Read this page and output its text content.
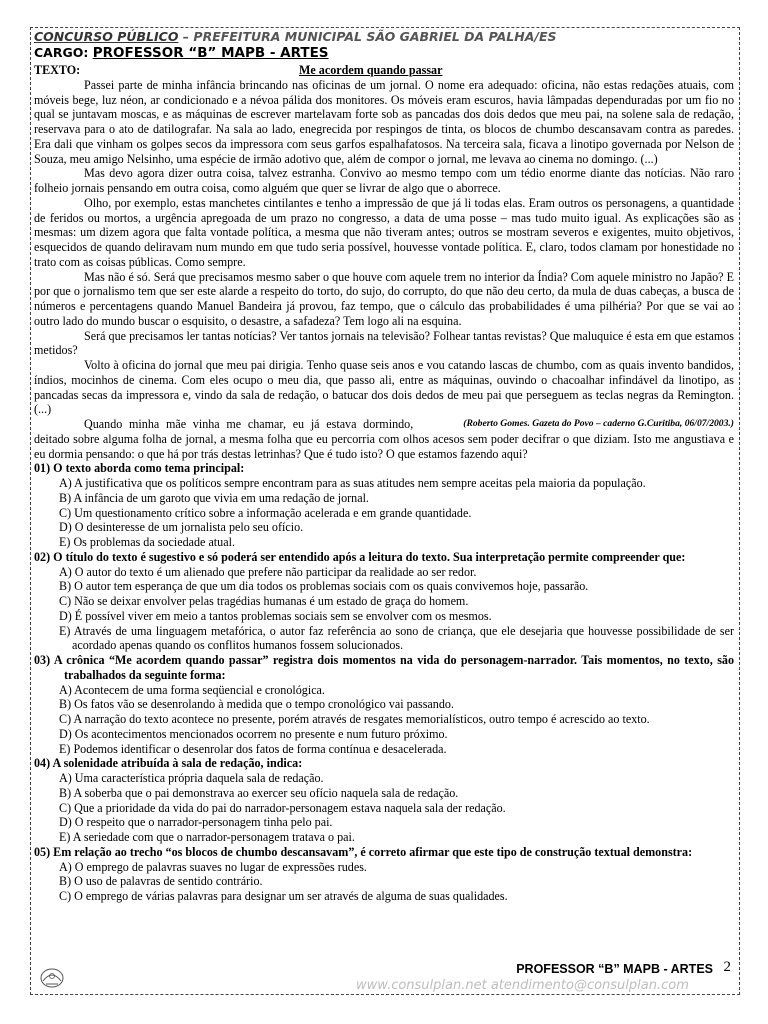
CONCURSO PÚBLICO – PREFEITURA MUNICIPAL SÃO GABRIEL DA PALHA/ES
CARGO: PROFESSOR “B” MAPB - ARTES
TEXTO:	Me acordem quando passar

Passei parte de minha infância brincando nas oficinas de um jornal. O nome era adequado: oficina, não estas redações atuais, com móveis bege, luz néon, ar condicionado e a névoa pálida dos monitores. Os móveis eram escuros, havia lâmpadas dependuradas por um fio no qual se juntavam moscas, e as máquinas de escrever martelavam forte sob as pancadas dos dois dedos que meu pai, na solene sala de redação, reservava para o ato de datilografar. Na sala ao lado, enegrecida por respingos de tinta, os blocos de chumbo descansavam contra as paredes. Era dali que vinham os golpes secos da impressora com seus garfos espalhafatosos. Na terceira sala, ficava a linotipo governada por Nelson de Souza, meu amigo Nelsinho, uma espécie de irmão adotivo que, além de compor o jornal, me levava ao cinema no domingo. (...)

Mas devo agora dizer outra coisa, talvez estranha. Convivo ao mesmo tempo com um tédio enorme diante das notícias. Não raro folheio jornais pensando em outra coisa, como alguém que quer se livrar de algo que o aborrece.

Olho, por exemplo, estas manchetes cintilantes e tenho a impressão de que já li todas elas. Eram outros os personagens, a quantidade de feridos ou mortos, a urgência apregoada de um prazo no congresso, a data de uma posse – mas tudo muito igual. As explicações são as mesmas: um dizem agora que falta vontade política, a mesma que não tiveram antes; outros se mostram severos e exigentes, muito objetivos, esquecidos de quando deliravam num mundo em que tudo seria possível, houvesse vontade política. E, claro, todos clamam por honestidade no trato com as coisas públicas. Como sempre.

Mas não é só. Será que precisamos mesmo saber o que houve com aquele trem no interior da Índia? Com aquele ministro no Japão? E por que o jornalismo tem que ser este alarde a respeito do torto, do sujo, do corrupto, do que não deu certo, da mula de duas cabeças, a busca de números e percentagens quando Manuel Bandeira já provou, faz tempo, que o cálculo das probabilidades é uma pilhéria? Por que se vai ao outro lado do mundo buscar o esquisito, o desastre, a safadeza? Tem logo ali na esquina.

Será que precisamos ler tantas notícias? Ver tantos jornais na televisão? Folhear tantas revistas? Que maluquice é esta em que estamos metidos?

Volto à oficina do jornal que meu pai dirigia. Tenho quase seis anos e vou catando lascas de chumbo, com as quais invento bandidos, índios, mocinhos de cinema. Com eles ocupo o meu dia, que passo ali, entre as máquinas, ouvindo o chacoalhar infindável da linotipo, as pancadas secas da impressora e, vindo da sala de redação, o batucar dos dois dedos de meu pai que perseguem as teclas negras da Remington. (...)

(Roberto Gomes. Gazeta do Povo – caderno G.Curitiba, 06/07/2003.)
Quando minha mãe vinha me chamar, eu já estava dormindo, deitado sobre alguma folha de jornal, a mesma folha que eu percorria com olhos acesos sem poder decifrar o que diziam. Isto me angustiava e eu dormia pensando: o que há por trás destas letrinhas? Que é tudo isto? O que estamos fazendo aqui?

01) O texto aborda como tema principal:
A) A justificativa que os políticos sempre encontram para as suas atitudes nem sempre aceitas pela maioria da população.
B) A infância de um garoto que vivia em uma redação de jornal.
C) Um questionamento crítico sobre a informação acelerada e em grande quantidade.
D) O desinteresse de um jornalista pelo seu ofício.
E) Os problemas da sociedade atual.
02) O título do texto é sugestivo e só poderá ser entendido após a leitura do texto. Sua interpretação permite compreender que:
A) O autor do texto é um alienado que prefere não participar da realidade ao ser redor.
B) O autor tem esperança de que um dia todos os problemas sociais com os quais convivemos hoje, passarão.
C) Não se deixar envolver pelas tragédias humanas é um estado de graça do homem.
D) É possível viver em meio a tantos problemas sociais sem se envolver com os mesmos.
E) Através de uma linguagem metafórica, o autor faz referência ao sono de criança, que ele desejaria que houvesse possibilidade de ser acordado apenas quando os conflitos humanos fossem solucionados.
03) A crônica “Me acordem quando passar” registra dois momentos na vida do personagem-narrador. Tais momentos, no texto, são trabalhados da seguinte forma:
A) Acontecem de uma forma seqüencial e cronológica.
B) Os fatos vão se desenrolando à medida que o tempo cronológico vai passando.
C) A narração do texto acontece no presente, porém através de resgates memorialísticos, outro tempo é acrescido ao texto.
D) Os acontecimentos mencionados ocorrem no presente e num futuro próximo.
E) Podemos identificar o desenrolar dos fatos de forma contínua e desacelerada.
04) A solenidade atribuída à sala de redação, indica:
A) Uma característica própria daquela sala de redação.
B) A soberba que o pai demonstrava ao exercer seu ofício naquela sala de redação.
C) Que a prioridade da vida do pai do narrador-personagem estava naquela sala der redação.
D) O respeito que o narrador-personagem tinha pelo pai.
E) A seriedade com que o narrador-personagem tratava o pai.
05) Em relação ao trecho “os blocos de chumbo descansavam”, é correto afirmar que este tipo de construção textual demonstra:
A) O emprego de palavras suaves no lugar de expressões rudes.
B) O uso de palavras de sentido contrário.
C) O emprego de várias palavras para designar um ser através de alguma de suas qualidades.
PROFESSOR “B” MAPB - ARTES 2
www.consulplan.net atendimento@consulplan.com
